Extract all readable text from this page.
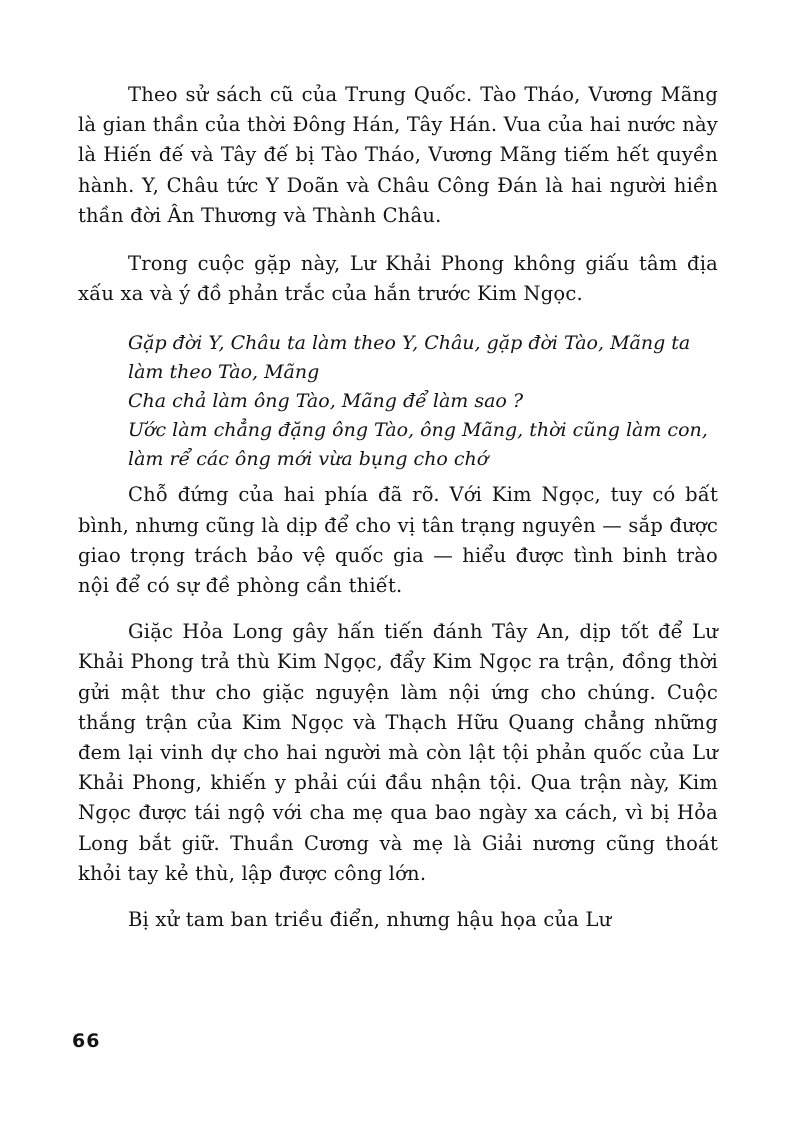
Theo sử sách cũ của Trung Quốc. Tào Tháo, Vương Mãng là gian thần của thời Đông Hán, Tây Hán. Vua của hai nước này là Hiến đế và Tây đế bị Tào Tháo, Vương Mãng tiếm hết quyền hành. Y, Châu tức Y Doãn và Châu Công Đán là hai người hiền thần đời Ân Thương và Thành Châu.

Trong cuộc gặp này, Lư Khải Phong không giấu tâm địa xấu xa và ý đồ phản trắc của hắn trước Kim Ngọc.

Gặp đời Y, Châu ta làm theo Y, Châu, gặp đời Tào, Mãng ta làm theo Tào, Mãng
Cha chả làm ông Tào, Mãng để làm sao ?
Ước làm chẳng đặng ông Tào, ông Mãng, thời cũng làm con, làm rể các ông mới vừa bụng cho chớ

Chỗ đứng của hai phía đã rõ. Với Kim Ngọc, tuy có bất bình, nhưng cũng là dịp để cho vị tân trạng nguyên — sắp được giao trọng trách bảo vệ quốc gia — hiểu được tình binh trào nội để có sự đề phòng cần thiết.

Giặc Hỏa Long gây hấn tiến đánh Tây An, dịp tốt để Lư Khải Phong trả thù Kim Ngọc, đẩy Kim Ngọc ra trận, đồng thời gửi mật thư cho giặc nguyện làm nội ứng cho chúng. Cuộc thắng trận của Kim Ngọc và Thạch Hữu Quang chẳng những đem lại vinh dự cho hai người mà còn lật tội phản quốc của Lư Khải Phong, khiến y phải cúi đầu nhận tội. Qua trận này, Kim Ngọc được tái ngộ với cha mẹ qua bao ngày xa cách, vì bị Hỏa Long bắt giữ. Thuần Cương và mẹ là Giải nương cũng thoát khỏi tay kẻ thù, lập được công lớn.

Bị xử tam ban triều điển, nhưng hậu họa của Lư

66
